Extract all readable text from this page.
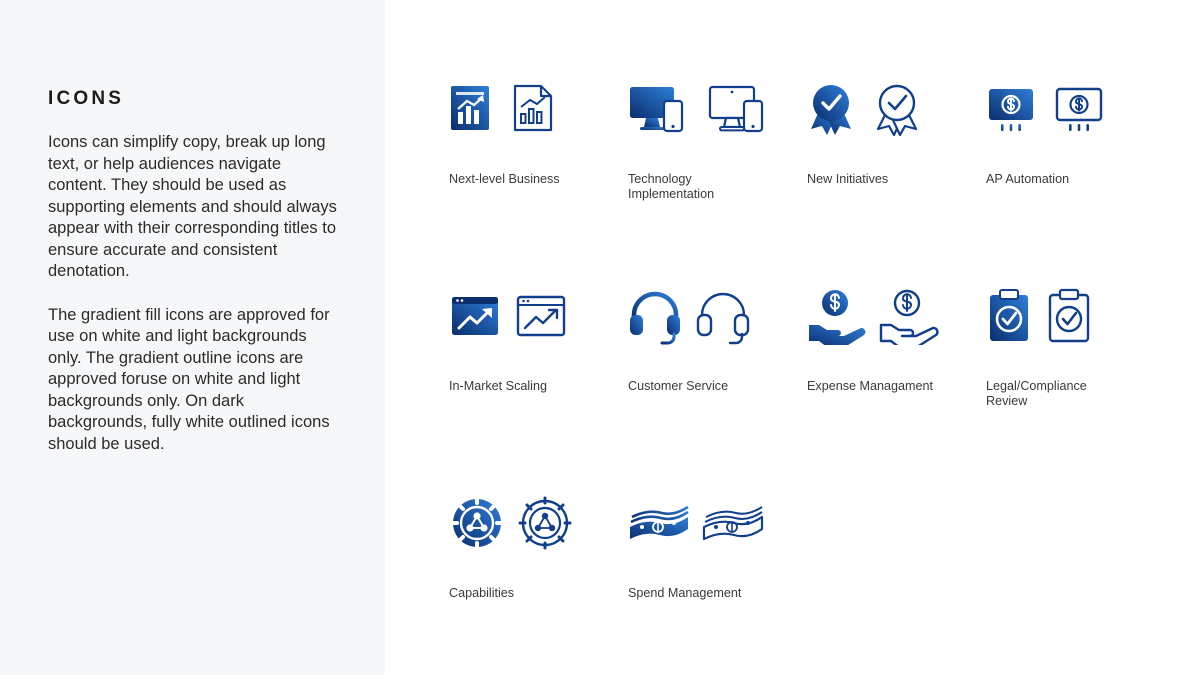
ICONS

Icons can simplify copy, break up long text, or help audiences navigate content. They should be used as supporting elements and should always appear with their corresponding titles to ensure accurate and consistent denotation.

The gradient fill icons are approved for use on white and light backgrounds only. The gradient outline icons are approved foruse on white and light backgrounds only. On dark backgrounds, fully white outlined icons should be used.

Next-level Business	Technology Implementation
New Initiatives	AP Automation
In-Market Scaling	Customer Service	Expense Managament	Legal/Compliance Review
Capabilities	Spend Management
